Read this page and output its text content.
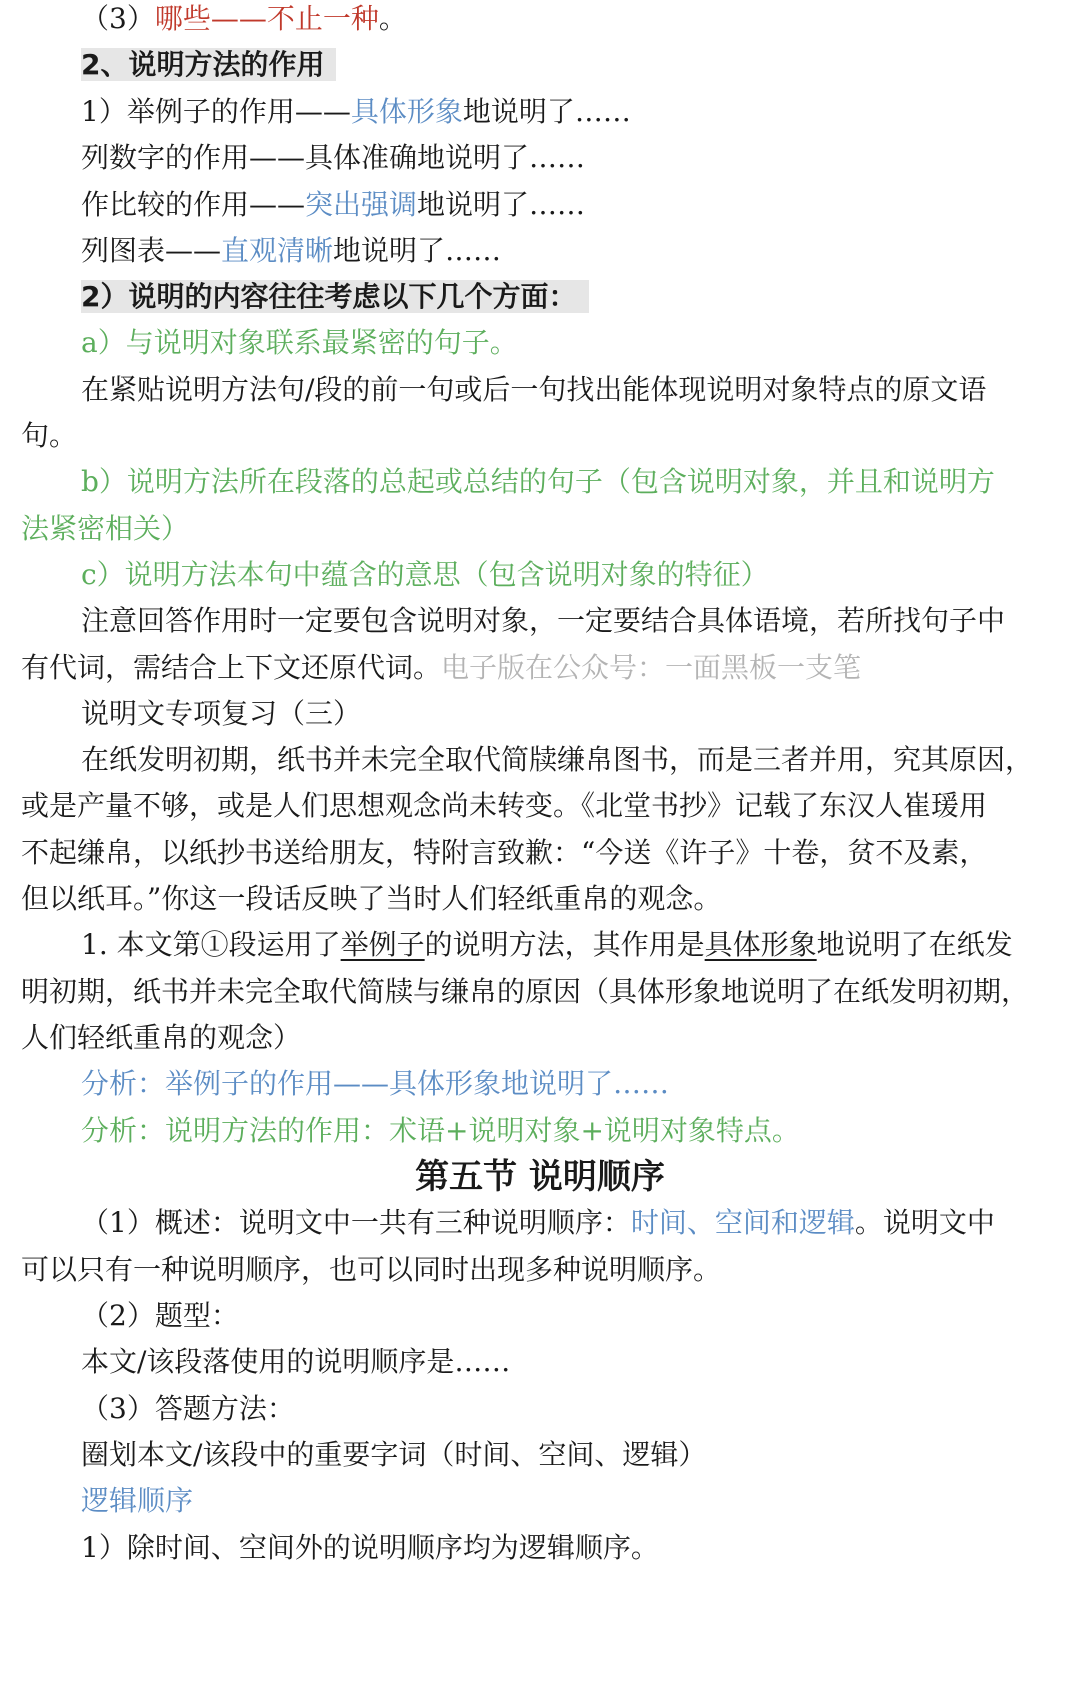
（3）哪些——不止一种。
2、说明方法的作用
1）举例子的作用——具体形象地说明了……
列数字的作用——具体准确地说明了……
作比较的作用——突出强调地说明了……
列图表——直观清晰地说明了……
2）说明的内容往往考虑以下几个方面：
a）与说明对象联系最紧密的句子。
在紧贴说明方法句/段的前一句或后一句找出能体现说明对象特点的原文语
句。
b）说明方法所在段落的总起或总结的句子（包含说明对象，并且和说明方
法紧密相关）
c）说明方法本句中蕴含的意思（包含说明对象的特征）
注意回答作用时一定要包含说明对象，一定要结合具体语境，若所找句子中
有代词，需结合上下文还原代词。电子版在公众号：一面黑板一支笔
说明文专项复习（三）
在纸发明初期，纸书并未完全取代简牍缣帛图书，而是三者并用，究其原因，
或是产量不够，或是人们思想观念尚未转变。《北堂书抄》记载了东汉人崔瑗用
不起缣帛，以纸抄书送给朋友，特附言致歉：“今送《许子》十卷，贫不及素，
但以纸耳。”你这一段话反映了当时人们轻纸重帛的观念。
1. 本文第①段运用了举例子的说明方法，其作用是具体形象地说明了在纸发
明初期，纸书并未完全取代简牍与缣帛的原因（具体形象地说明了在纸发明初期，
人们轻纸重帛的观念）
分析：举例子的作用——具体形象地说明了……
分析：说明方法的作用：术语+说明对象+说明对象特点。
第五节 说明顺序
（1）概述：说明文中一共有三种说明顺序：时间、空间和逻辑。说明文中
可以只有一种说明顺序，也可以同时出现多种说明顺序。
（2）题型：
本文/该段落使用的说明顺序是……
（3）答题方法：
圈划本文/该段中的重要字词（时间、空间、逻辑）
逻辑顺序
1）除时间、空间外的说明顺序均为逻辑顺序。
